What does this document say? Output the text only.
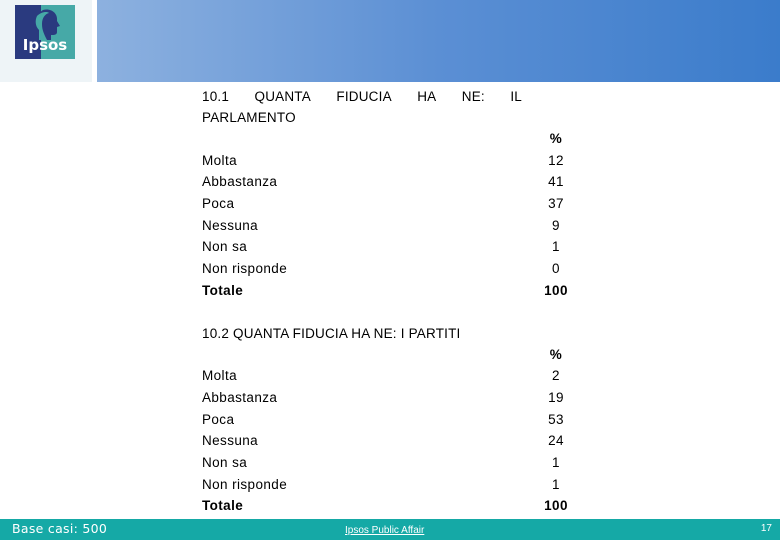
Ipsos
10.1 QUANTA FIDUCIA HA NE: IL
PARLAMENTO
%
Molta	12
Abbastanza	41
Poca	37
Nessuna	9
Non sa	1
Non risponde	0
Totale	100
10.2 QUANTA FIDUCIA HA NE: I PARTITI
%
Molta	2
Abbastanza	19
Poca	53
Nessuna	24
Non sa	1
Non risponde	1
Totale	100
Base casi: 500	Ipsos Public Affair	17
